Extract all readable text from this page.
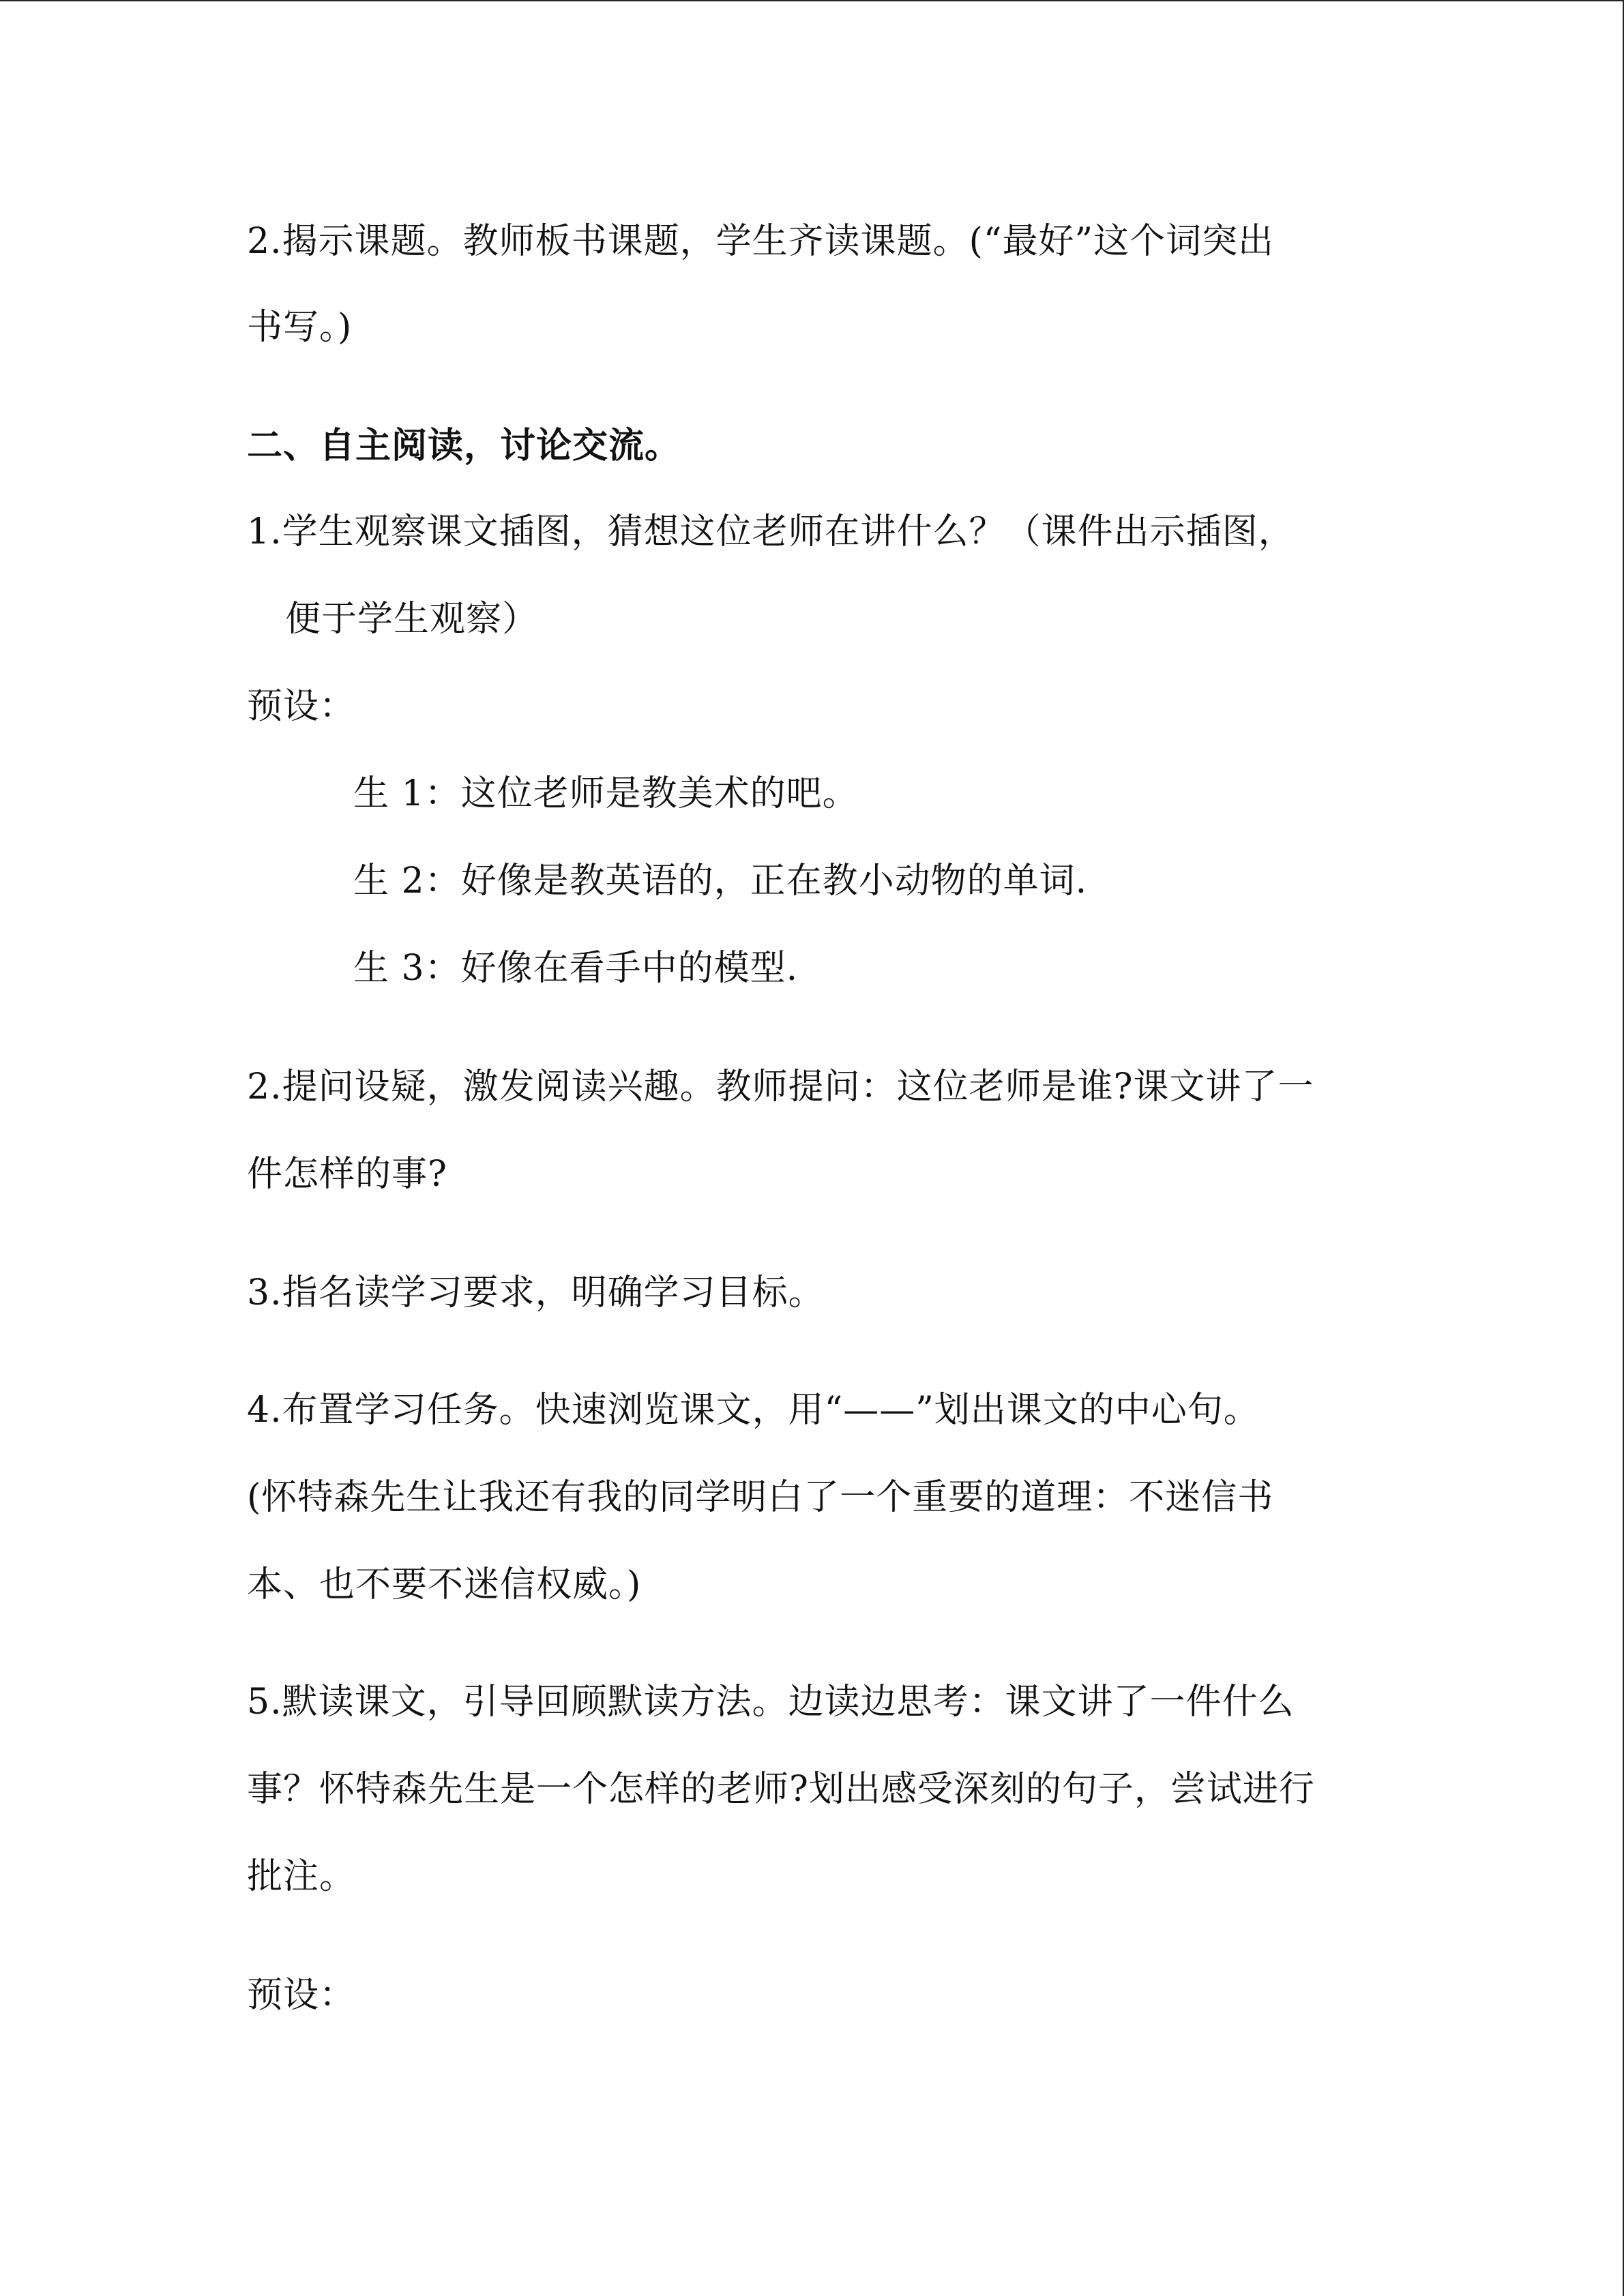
2.揭示课题。教师板书课题，学生齐读课题。(“最好”这个词突出
书写。)
二、自主阅读，讨论交流。
1.学生观察课文插图，猜想这位老师在讲什么？（课件出示插图，
便于学生观察）
预设：
生 1：这位老师是教美术的吧。
生 2：好像是教英语的，正在教小动物的单词.
生 3：好像在看手中的模型.
2.提问设疑，激发阅读兴趣。教师提问：这位老师是谁?课文讲了一
件怎样的事?
3.指名读学习要求，明确学习目标。
4.布置学习任务。快速浏览课文，用“——”划出课文的中心句。
(怀特森先生让我还有我的同学明白了一个重要的道理：不迷信书
本、也不要不迷信权威。)
5.默读课文，引导回顾默读方法。边读边思考：课文讲了一件什么
事？怀特森先生是一个怎样的老师?划出感受深刻的句子，尝试进行
批注。
预设：
